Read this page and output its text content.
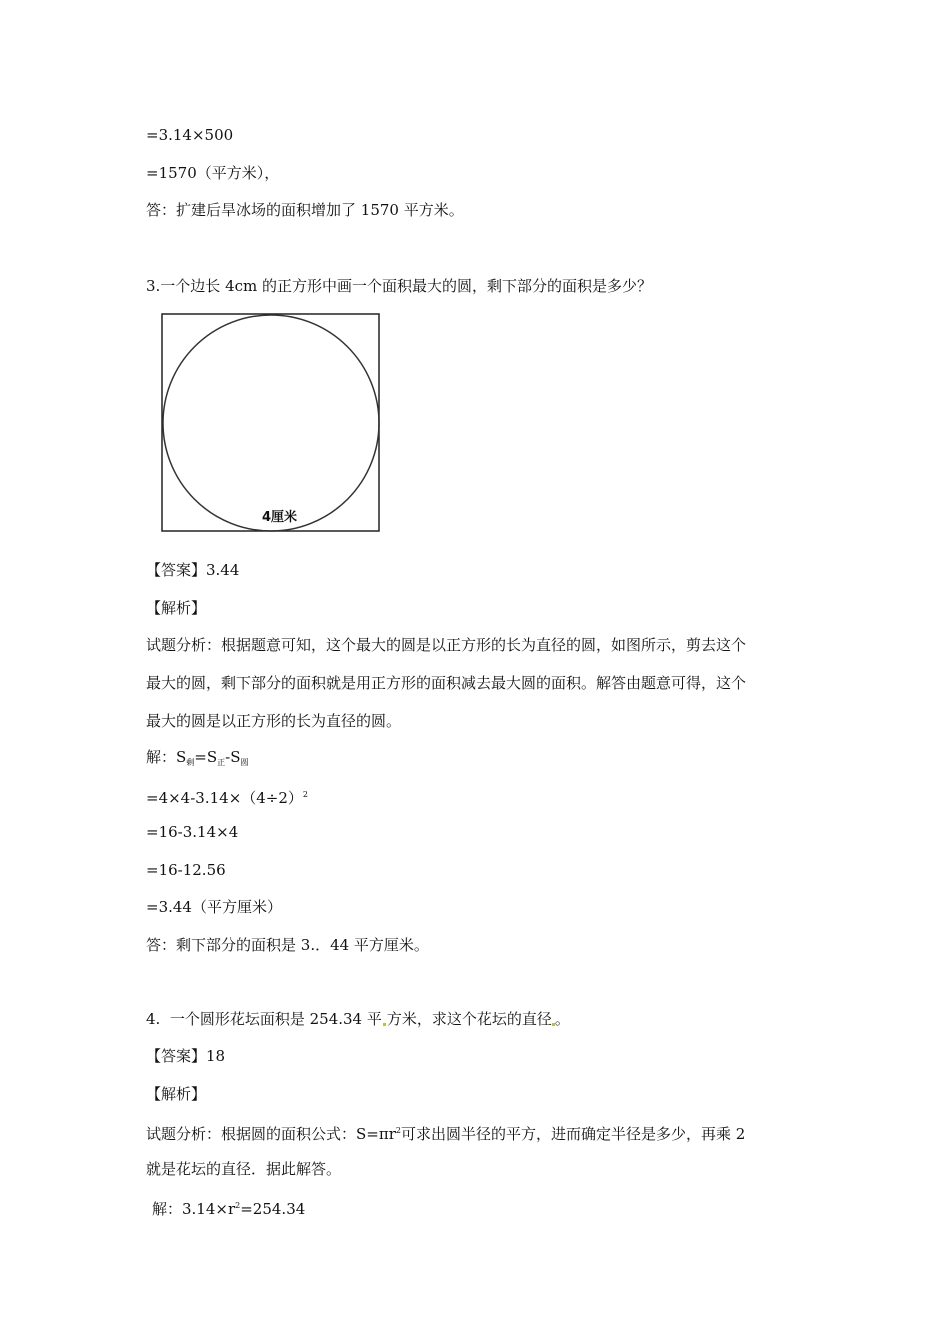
=3.14×500
=1570（平方米），
答：扩建后旱冰场的面积增加了 1570 平方米。
3.一个边长 4cm 的正方形中画一个面积最大的圆，剩下部分的面积是多少？
4厘米
【答案】3.44
【解析】
试题分析：根据题意可知，这个最大的圆是以正方形的长为直径的圆，如图所示，剪去这个
最大的圆，剩下部分的面积就是用正方形的面积减去最大圆的面积。解答由题意可得，这个
最大的圆是以正方形的长为直径的圆。
解：$S_剩=S_正-S_圆$
$=4\times 4-3.14\times(4\div 2)^2$
=16-3.14×4
=16-12.56
=3.44（平方厘米）
答：剩下部分的面积是 3.．44 平方厘米。
4.  一个圆形花坛面积是 254.34 平 方米，求这个花坛的直径 。
【答案】18
【解析】
试题分析：根据圆的面积公式：$S=\pi r^2$可求出圆半径的平方，进而确定半径是多少，再乘 2
就是花坛的直径．据此解答。
解：$3.14\times r^2=254.34$
